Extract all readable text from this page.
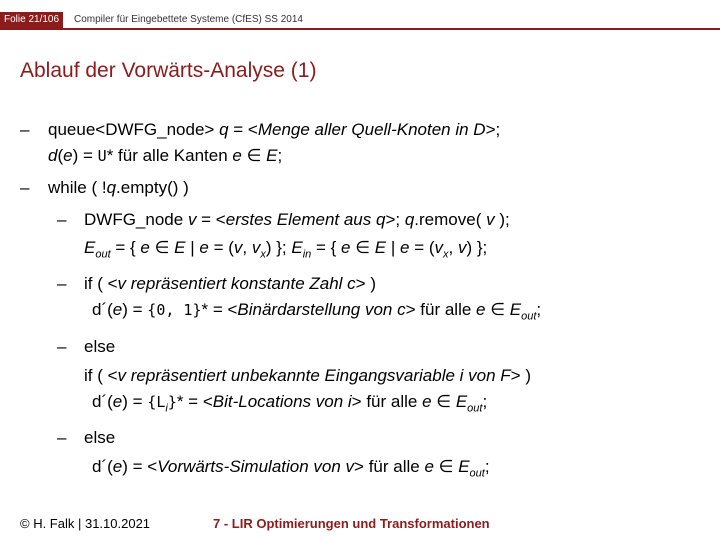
Folie 21/106	Compiler für Eingebettete Systeme (CfES) SS 2014
Ablauf der Vorwärts-Analyse (1)
– queue<DWFG_node> q = <Menge aller Quell-Knoten in D>;
d(e) = U* für alle Kanten e ∈ E;
– while ( !q.empty() )
– DWFG_node v = <erstes Element aus q>; q.remove( v );
$E_{out}$ = { e ∈ E | e = (v, $v_x$) }; $E_{in}$ = { e ∈ E | $e = (v_x$, v) };
– if ( <v repräsentiert konstante Zahl c> )
d´(e) = {0, 1}* = <Binärdarstellung von c> für alle e ∈ $E_{out}$;
– else
if ( <v repräsentiert unbekannte Eingangsvariable i von F> )
d´(e) = $\{L_i\}*$ = <Bit-Locations von i> für alle e ∈ $E_{out}$;
– else
d´(e) = <Vorwärts-Simulation von v> für alle e ∈ $E_{out}$;
© H. Falk | 31.10.2021	7 - LIR Optimierungen und Transformationen
